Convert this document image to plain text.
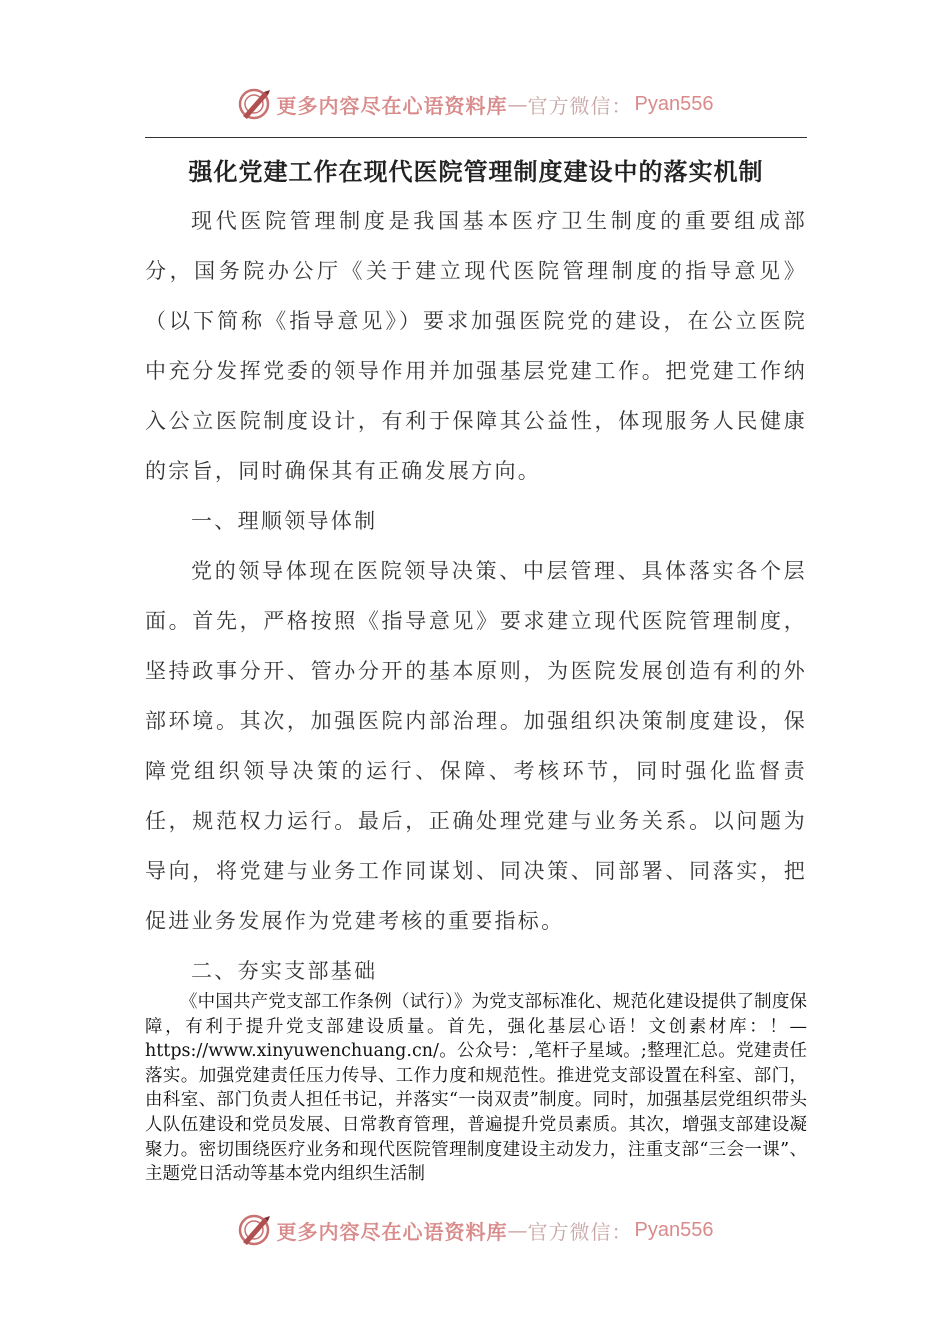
更多内容尽在心语资料库 — 官方微信： Pyan556
强化党建工作在现代医院管理制度建设中的落实机制

现代医院管理制度是我国基本医疗卫生制度的重要组成部分，国务院办公厅《关于建立现代医院管理制度的指导意见》（以下简称《指导意见》）要求加强医院党的建设，在公立医院中充分发挥党委的领导作用并加强基层党建工作。把党建工作纳入公立医院制度设计，有利于保障其公益性，体现服务人民健康的宗旨，同时确保其有正确发展方向。

一、理顺领导体制

党的领导体现在医院领导决策、中层管理、具体落实各个层面。首先，严格按照《指导意见》要求建立现代医院管理制度，坚持政事分开、管办分开的基本原则，为医院发展创造有利的外部环境。其次，加强医院内部治理。加强组织决策制度建设，保障党组织领导决策的运行、保障、考核环节，同时强化监督责任，规范权力运行。最后，正确处理党建与业务关系。以问题为导向，将党建与业务工作同谋划、同决策、同部署、同落实，把促进业务发展作为党建考核的重要指标。

二、夯实支部基础

《中国共产党支部工作条例（试行）》为党支部标准化、规范化建设提供了制度保障，有利于提升党支部建设质量。首先，强化基层心语！文创素材库：！—https://www.xinyuwenchuang.cn/。公众号：,笔杆子星域。;整理汇总。党建责任落实。加强党建责任压力传导、工作力度和规范性。推进党支部设置在科室、部门，由科室、部门负责人担任书记，并落实“一岗双责”制度。同时，加强基层党组织带头人队伍建设和党员发展、日常教育管理，普遍提升党员素质。其次，增强支部建设凝聚力。密切围绕医疗业务和现代医院管理制度建设主动发力，注重支部“三会一课”、主题党日活动等基本党内组织生活制

更多内容尽在心语资料库 — 官方微信： Pyan556
